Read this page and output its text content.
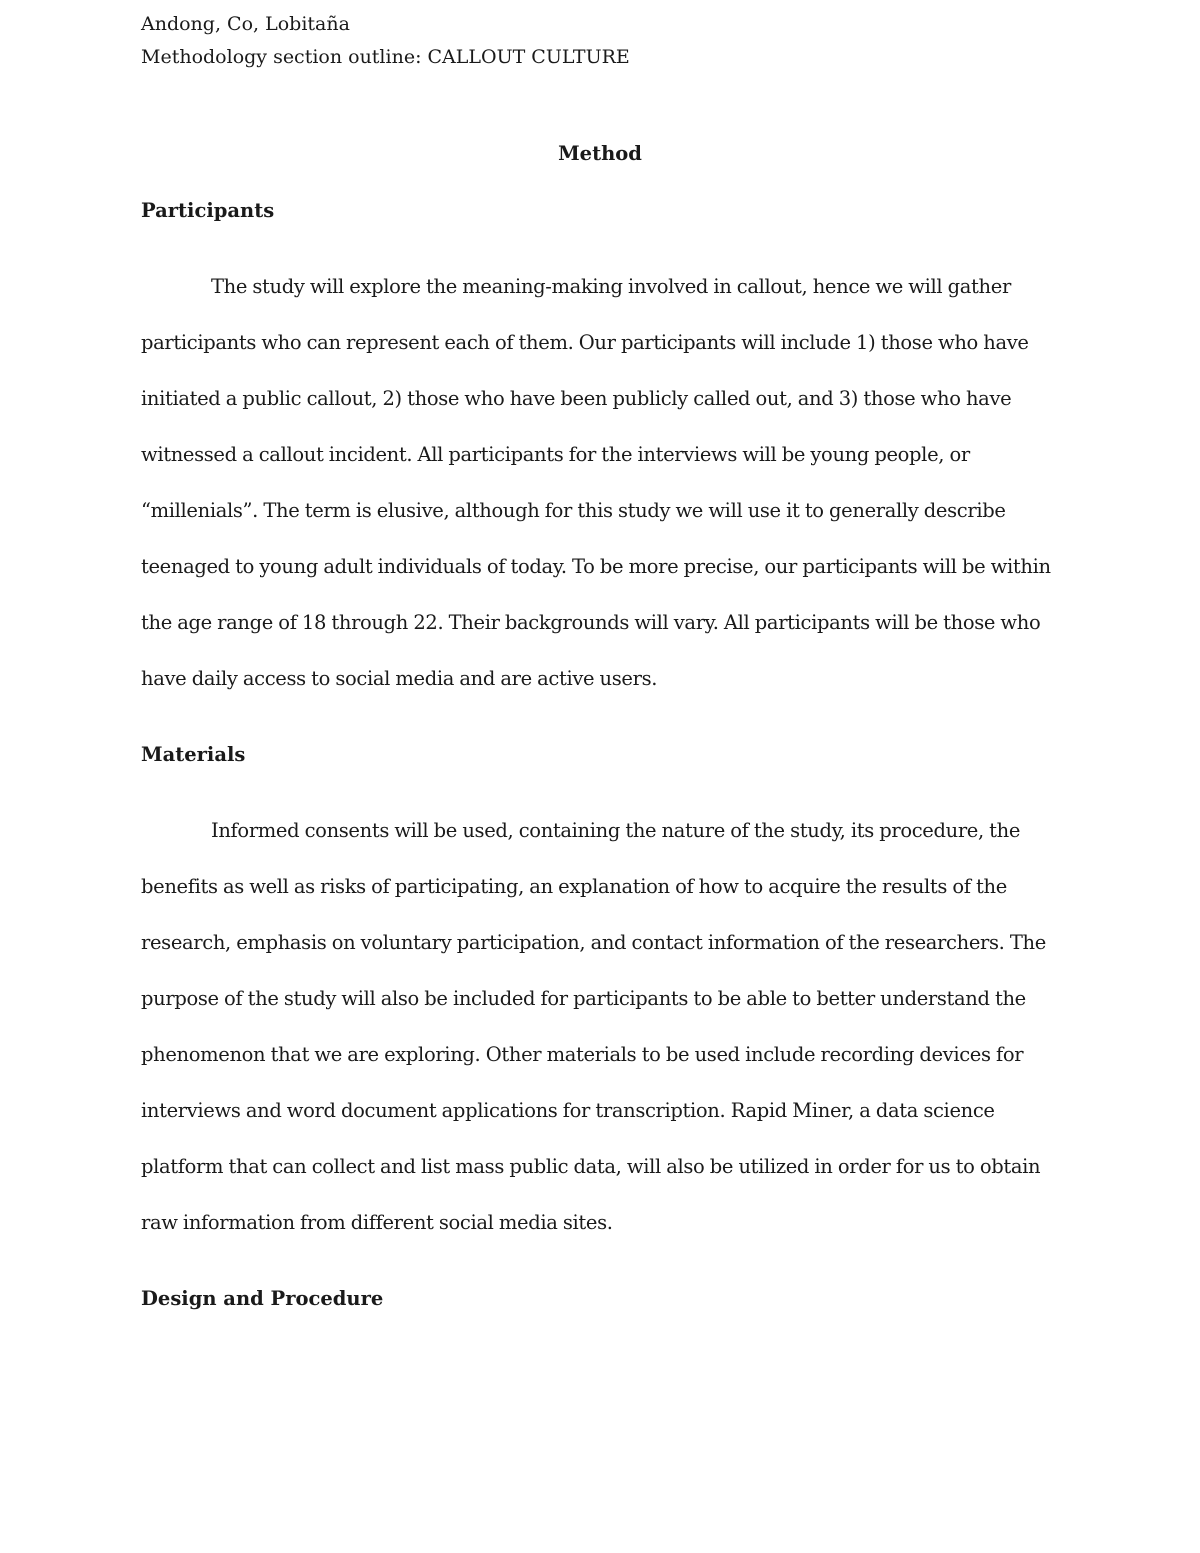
Andong, Co, Lobitaña
Methodology section outline: CALLOUT CULTURE
Method
Participants
The study will explore the meaning-making involved in callout, hence we will gather
participants who can represent each of them. Our participants will include 1) those who have
initiated a public callout, 2) those who have been publicly called out, and 3) those who have
witnessed a callout incident. All participants for the interviews will be young people, or
“millenials”. The term is elusive, although for this study we will use it to generally describe
teenaged to young adult individuals of today. To be more precise, our participants will be within
the age range of 18 through 22. Their backgrounds will vary. All participants will be those who
have daily access to social media and are active users.
Materials
Informed consents will be used, containing the nature of the study, its procedure, the
benefits as well as risks of participating, an explanation of how to acquire the results of the
research, emphasis on voluntary participation, and contact information of the researchers. The
purpose of the study will also be included for participants to be able to better understand the
phenomenon that we are exploring. Other materials to be used include recording devices for
interviews and word document applications for transcription. Rapid Miner, a data science
platform that can collect and list mass public data, will also be utilized in order for us to obtain
raw information from different social media sites.
Design and Procedure
